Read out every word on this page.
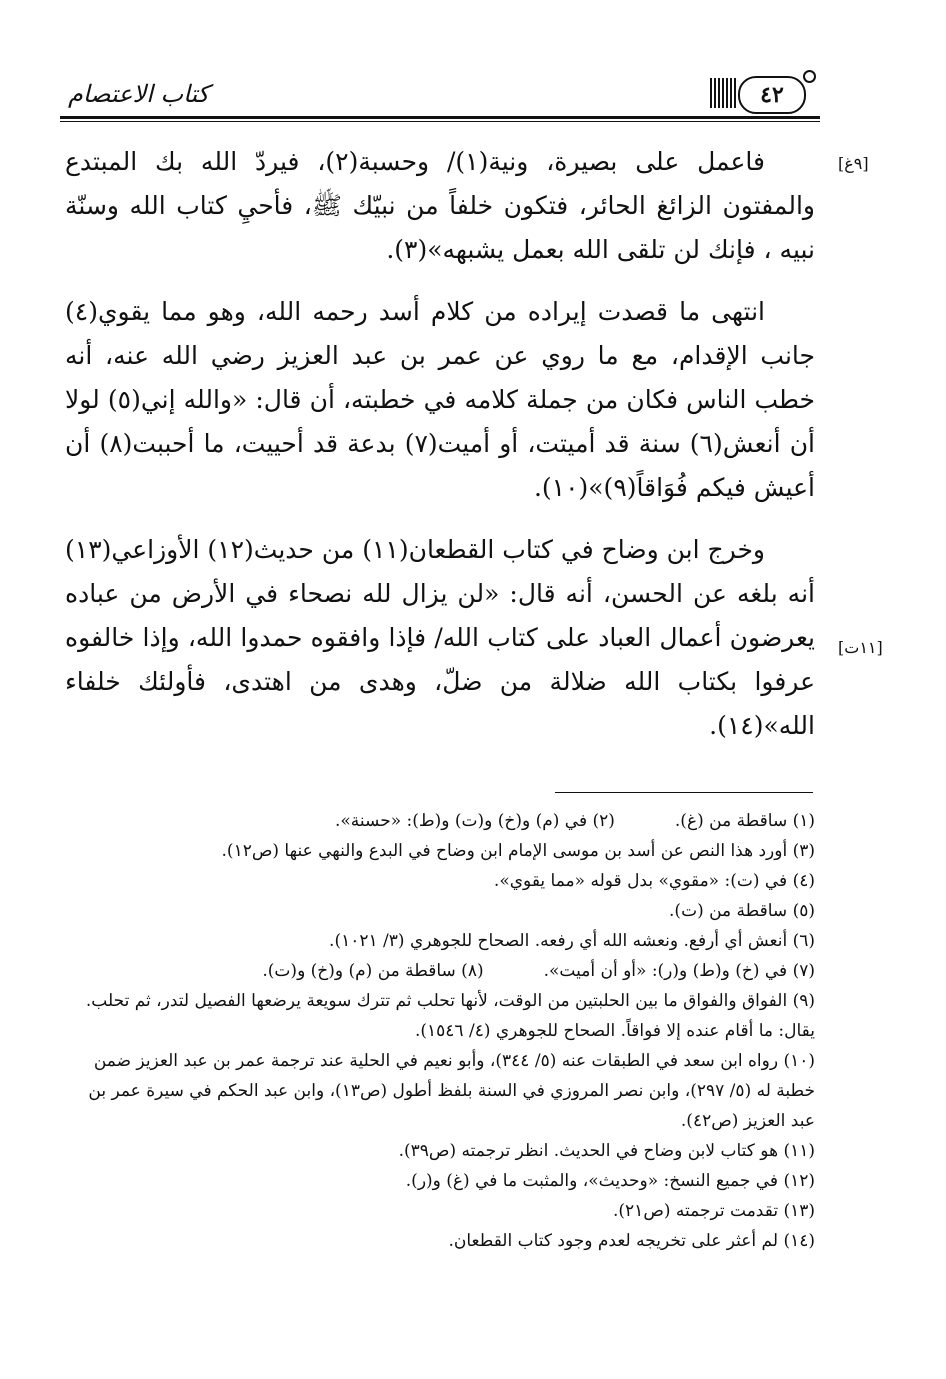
كتاب الاعتصام	٤٢
[٩غ]
[١١ت]

فاعمل على بصيرة، ونية(١)/ وحسبة(٢)، فيردّ الله بك المبتدع والمفتون الزائغ الحائر، فتكون خلفاً من نبيّك ﷺ، فأحيِ كتاب الله وسنّة نبيه ، فإنك لن تلقى الله بعمل يشبهه»(٣).

انتهى ما قصدت إيراده من كلام أسد رحمه الله، وهو مما يقوي(٤) جانب الإقدام، مع ما روي عن عمر بن عبد العزيز رضي الله عنه، أنه خطب الناس فكان من جملة كلامه في خطبته، أن قال: «والله إني(٥) لولا أن أنعش(٦) سنة قد أميتت، أو أميت(٧) بدعة قد أحييت، ما أحببت(٨) أن أعيش فيكم فُوَاقاً(٩)»(١٠).

وخرج ابن وضاح في كتاب القطعان(١١) من حديث(١٢) الأوزاعي(١٣) أنه بلغه عن الحسن، أنه قال: «لن يزال لله نصحاء في الأرض من عباده يعرضون أعمال العباد على كتاب الله/ فإذا وافقوه حمدوا الله، وإذا خالفوه عرفوا بكتاب الله ضلالة من ضلّ، وهدى من اهتدى، فأولئك خلفاء الله»(١٤).

(١) ساقطة من (غ).

(٢) في (م) و(خ) و(ت) و(ط): «حسنة».

(٣) أورد هذا النص عن أسد بن موسى الإمام ابن وضاح في البدع والنهي عنها (ص١٢).

(٤) في (ت): «مقوي» بدل قوله «مما يقوي».

(٥) ساقطة من (ت).

(٦) أنعش أي أرفع. ونعشه الله أي رفعه. الصحاح للجوهري (٣/ ١٠٢١).

(٧) في (خ) و(ط) و(ر): «أو أن أميت».

(٨) ساقطة من (م) و(خ) و(ت).

(٩) الفواق والفواق ما بين الحلبتين من الوقت، لأنها تحلب ثم تترك سويعة يرضعها الفصيل لتدر، ثم تحلب. يقال: ما أقام عنده إلا فواقاً. الصحاح للجوهري (٤/ ١٥٤٦).

(١٠) رواه ابن سعد في الطبقات عنه (٥/ ٣٤٤)، وأبو نعيم في الحلية عند ترجمة عمر بن عبد العزيز ضمن خطبة له (٥/ ٢٩٧)، وابن نصر المروزي في السنة بلفظ أطول (ص١٣)، وابن عبد الحكم في سيرة عمر بن عبد العزيز (ص٤٢).

(١١) هو كتاب لابن وضاح في الحديث. انظر ترجمته (ص٣٩).

(١٢) في جميع النسخ: «وحديث»، والمثبت ما في (غ) و(ر).

(١٣) تقدمت ترجمته (ص٢١).

(١٤) لم أعثر على تخريجه لعدم وجود كتاب القطعان.
